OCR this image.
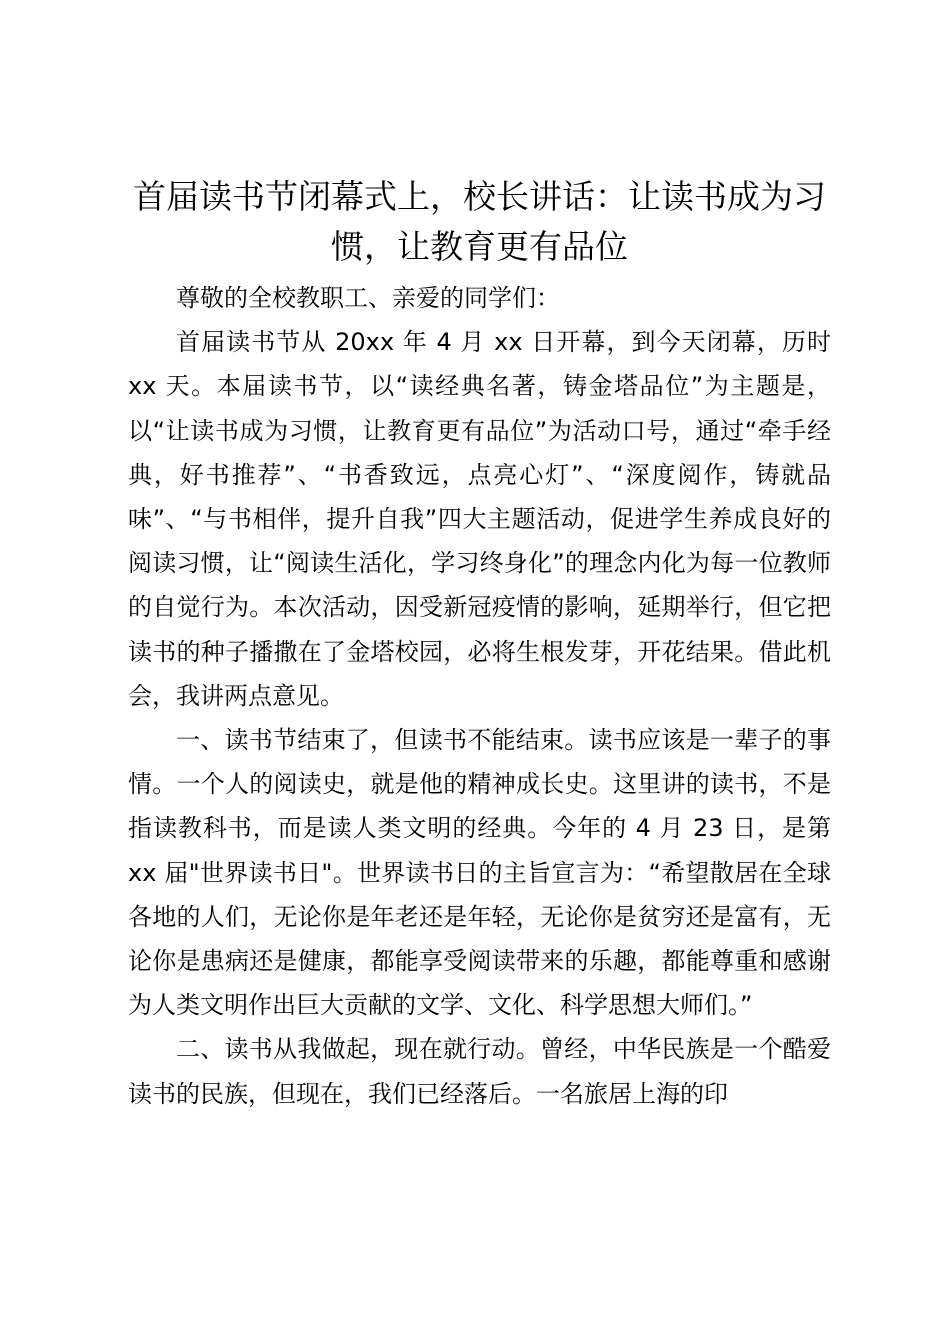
首届读书节闭幕式上，校长讲话：让读书成为习惯，让教育更有品位

尊敬的全校教职工、亲爱的同学们：

首届读书节从 20xx 年 4 月 xx 日开幕，到今天闭幕，历时 xx 天。本届读书节，以“读经典名著，铸金塔品位”为主题是，以“让读书成为习惯，让教育更有品位”为活动口号，通过“牵手经典，好书推荐”、“书香致远，点亮心灯”、“深度阅作，铸就品味”、“与书相伴，提升自我”四大主题活动，促进学生养成良好的阅读习惯，让“阅读生活化，学习终身化”的理念内化为每一位教师的自觉行为。本次活动，因受新冠疫情的影响，延期举行，但它把读书的种子播撒在了金塔校园，必将生根发芽，开花结果。借此机会，我讲两点意见。

一、读书节结束了，但读书不能结束。读书应该是一辈子的事情。一个人的阅读史，就是他的精神成长史。这里讲的读书，不是指读教科书，而是读人类文明的经典。今年的 4 月 23 日，是第 xx 届"世界读书日"。世界读书日的主旨宣言为：“希望散居在全球各地的人们，无论你是年老还是年轻，无论你是贫穷还是富有，无论你是患病还是健康，都能享受阅读带来的乐趣，都能尊重和感谢为人类文明作出巨大贡献的文学、文化、科学思想大师们。”

二、读书从我做起，现在就行动。曾经，中华民族是一个酷爱读书的民族，但现在，我们已经落后。一名旅居上海的印
